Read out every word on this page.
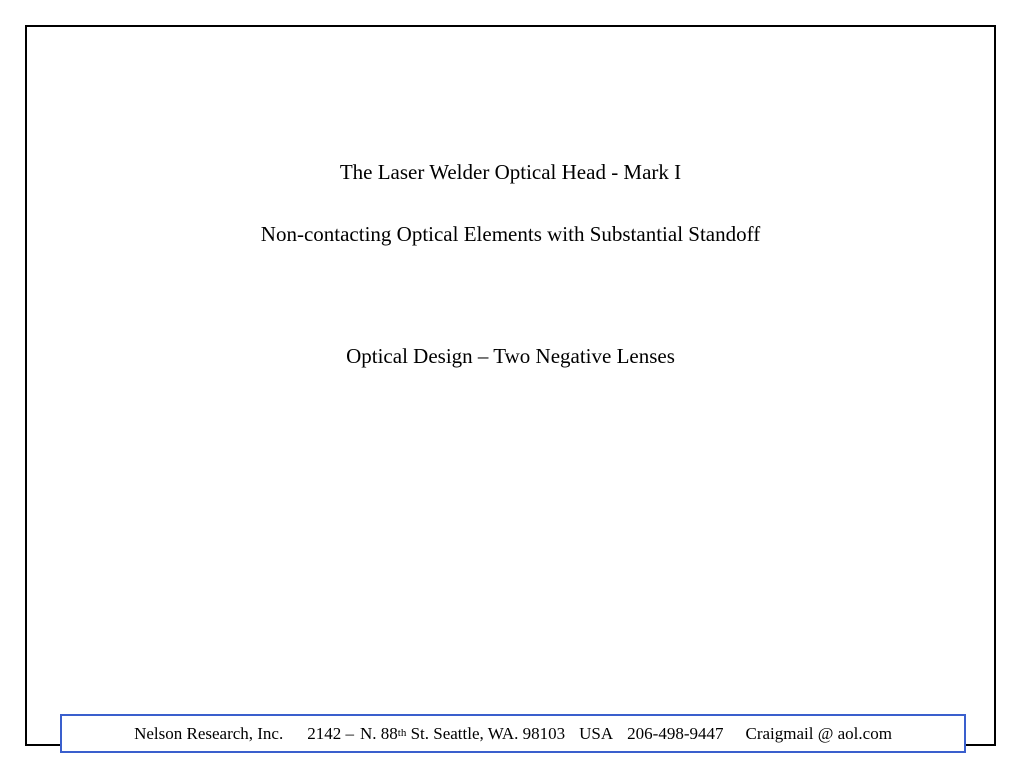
The Laser Welder Optical Head - Mark I
Non-contacting Optical Elements with Substantial Standoff
Optical Design – Two Negative Lenses
Nelson Research, Inc. 2142 – N. 88th
St. Seattle, WA. 98103 USA 206-498-9447 Craigmail @ aol.com
